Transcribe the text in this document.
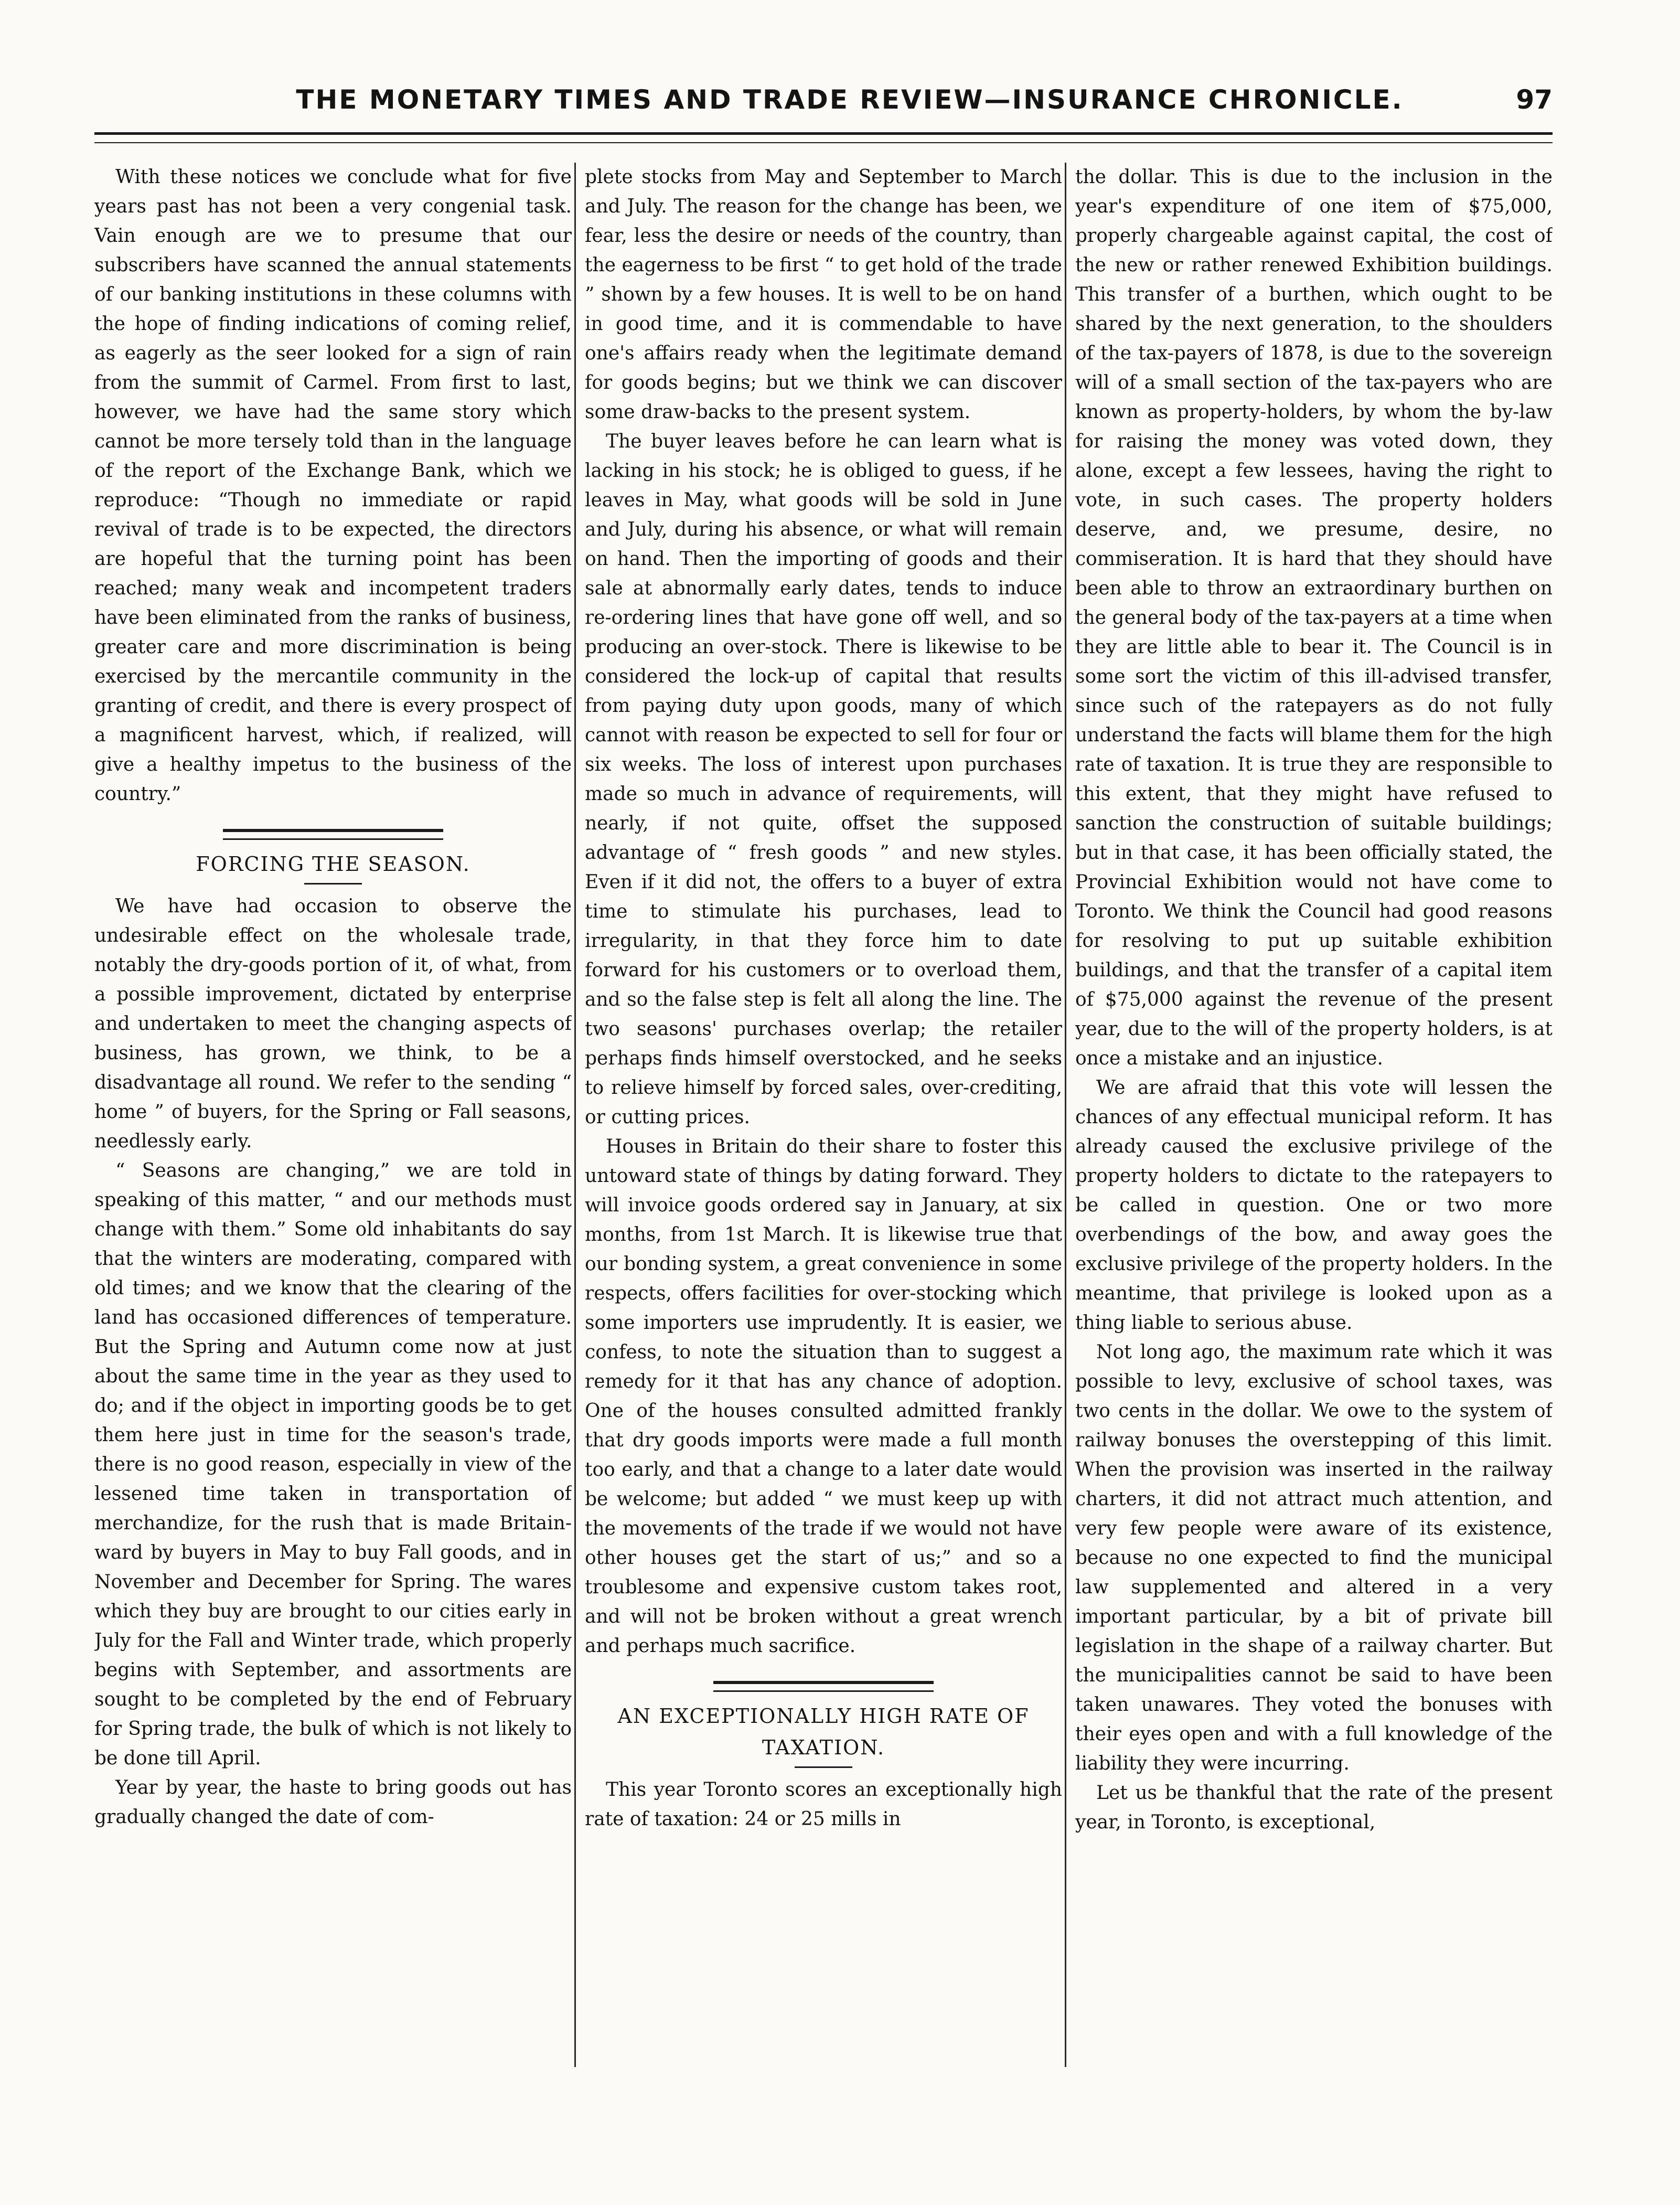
THE MONETARY TIMES AND TRADE REVIEW—INSURANCE CHRONICLE.	97

With these notices we conclude what for five years past has not been a very congenial task. Vain enough are we to presume that our subscribers have scanned the annual statements of our banking institutions in these columns with the hope of finding indications of coming relief, as eagerly as the seer looked for a sign of rain from the summit of Carmel. From first to last, however, we have had the same story which cannot be more tersely told than in the language of the report of the Exchange Bank, which we reproduce: “Though no immediate or rapid revival of trade is to be expected, the directors are hopeful that the turning point has been reached; many weak and incompetent traders have been eliminated from the ranks of business, greater care and more discrimination is being exercised by the mercantile community in the granting of credit, and there is every prospect of a magnificent harvest, which, if realized, will give a healthy impetus to the business of the country.”

FORCING THE SEASON.

We have had occasion to observe the undesirable effect on the wholesale trade, notably the dry-goods portion of it, of what, from a possible improvement, dictated by enterprise and undertaken to meet the changing aspects of business, has grown, we think, to be a disadvantage all round. We refer to the sending “ home ” of buyers, for the Spring or Fall seasons, needlessly early.

“ Seasons are changing,” we are told in speaking of this matter, “ and our methods must change with them.” Some old inhabitants do say that the winters are moderating, compared with old times; and we know that the clearing of the land has occasioned differences of temperature. But the Spring and Autumn come now at just about the same time in the year as they used to do; and if the object in importing goods be to get them here just in time for the season's trade, there is no good reason, especially in view of the lessened time taken in transportation of merchandize, for the rush that is made Britain-ward by buyers in May to buy Fall goods, and in November and December for Spring. The wares which they buy are brought to our cities early in July for the Fall and Winter trade, which properly begins with September, and assortments are sought to be completed by the end of February for Spring trade, the bulk of which is not likely to be done till April.

Year by year, the haste to bring goods out has gradually changed the date of com-

plete stocks from May and September to March and July. The reason for the change has been, we fear, less the desire or needs of the country, than the eagerness to be first “ to get hold of the trade ” shown by a few houses. It is well to be on hand in good time, and it is commendable to have one's affairs ready when the legitimate demand for goods begins; but we think we can discover some draw-backs to the present system.

The buyer leaves before he can learn what is lacking in his stock; he is obliged to guess, if he leaves in May, what goods will be sold in June and July, during his absence, or what will remain on hand. Then the importing of goods and their sale at abnormally early dates, tends to induce re-ordering lines that have gone off well, and so producing an over-stock. There is likewise to be considered the lock-up of capital that results from paying duty upon goods, many of which cannot with reason be expected to sell for four or six weeks. The loss of interest upon purchases made so much in advance of requirements, will nearly, if not quite, offset the supposed advantage of “ fresh goods ” and new styles. Even if it did not, the offers to a buyer of extra time to stimulate his purchases, lead to irregularity, in that they force him to date forward for his customers or to overload them, and so the false step is felt all along the line. The two seasons' purchases overlap; the retailer perhaps finds himself overstocked, and he seeks to relieve himself by forced sales, over-crediting, or cutting prices.

Houses in Britain do their share to foster this untoward state of things by dating forward. They will invoice goods ordered say in January, at six months, from 1st March. It is likewise true that our bonding system, a great convenience in some respects, offers facilities for over-stocking which some importers use imprudently. It is easier, we confess, to note the situation than to suggest a remedy for it that has any chance of adoption. One of the houses consulted admitted frankly that dry goods imports were made a full month too early, and that a change to a later date would be welcome; but added “ we must keep up with the movements of the trade if we would not have other houses get the start of us;” and so a troublesome and expensive custom takes root, and will not be broken without a great wrench and perhaps much sacrifice.

AN EXCEPTIONALLY HIGH RATE OF TAXATION.

This year Toronto scores an exceptionally high rate of taxation: 24 or 25 mills in

the dollar. This is due to the inclusion in the year's expenditure of one item of $75,000, properly chargeable against capital, the cost of the new or rather renewed Exhibition buildings. This transfer of a burthen, which ought to be shared by the next generation, to the shoulders of the tax-payers of 1878, is due to the sovereign will of a small section of the tax-payers who are known as property-holders, by whom the by-law for raising the money was voted down, they alone, except a few lessees, having the right to vote, in such cases. The property holders deserve, and, we presume, desire, no commiseration. It is hard that they should have been able to throw an extraordinary burthen on the general body of the tax-payers at a time when they are little able to bear it. The Council is in some sort the victim of this ill-advised transfer, since such of the ratepayers as do not fully understand the facts will blame them for the high rate of taxation. It is true they are responsible to this extent, that they might have refused to sanction the construction of suitable buildings; but in that case, it has been officially stated, the Provincial Exhibition would not have come to Toronto. We think the Council had good reasons for resolving to put up suitable exhibition buildings, and that the transfer of a capital item of $75,000 against the revenue of the present year, due to the will of the property holders, is at once a mistake and an injustice.

We are afraid that this vote will lessen the chances of any effectual municipal reform. It has already caused the exclusive privilege of the property holders to dictate to the ratepayers to be called in question. One or two more overbendings of the bow, and away goes the exclusive privilege of the property holders. In the meantime, that privilege is looked upon as a thing liable to serious abuse.

Not long ago, the maximum rate which it was possible to levy, exclusive of school taxes, was two cents in the dollar. We owe to the system of railway bonuses the overstepping of this limit. When the provision was inserted in the railway charters, it did not attract much attention, and very few people were aware of its existence, because no one expected to find the municipal law supplemented and altered in a very important particular, by a bit of private bill legislation in the shape of a railway charter. But the municipalities cannot be said to have been taken unawares. They voted the bonuses with their eyes open and with a full knowledge of the liability they were incurring.

Let us be thankful that the rate of the present year, in Toronto, is exceptional,
